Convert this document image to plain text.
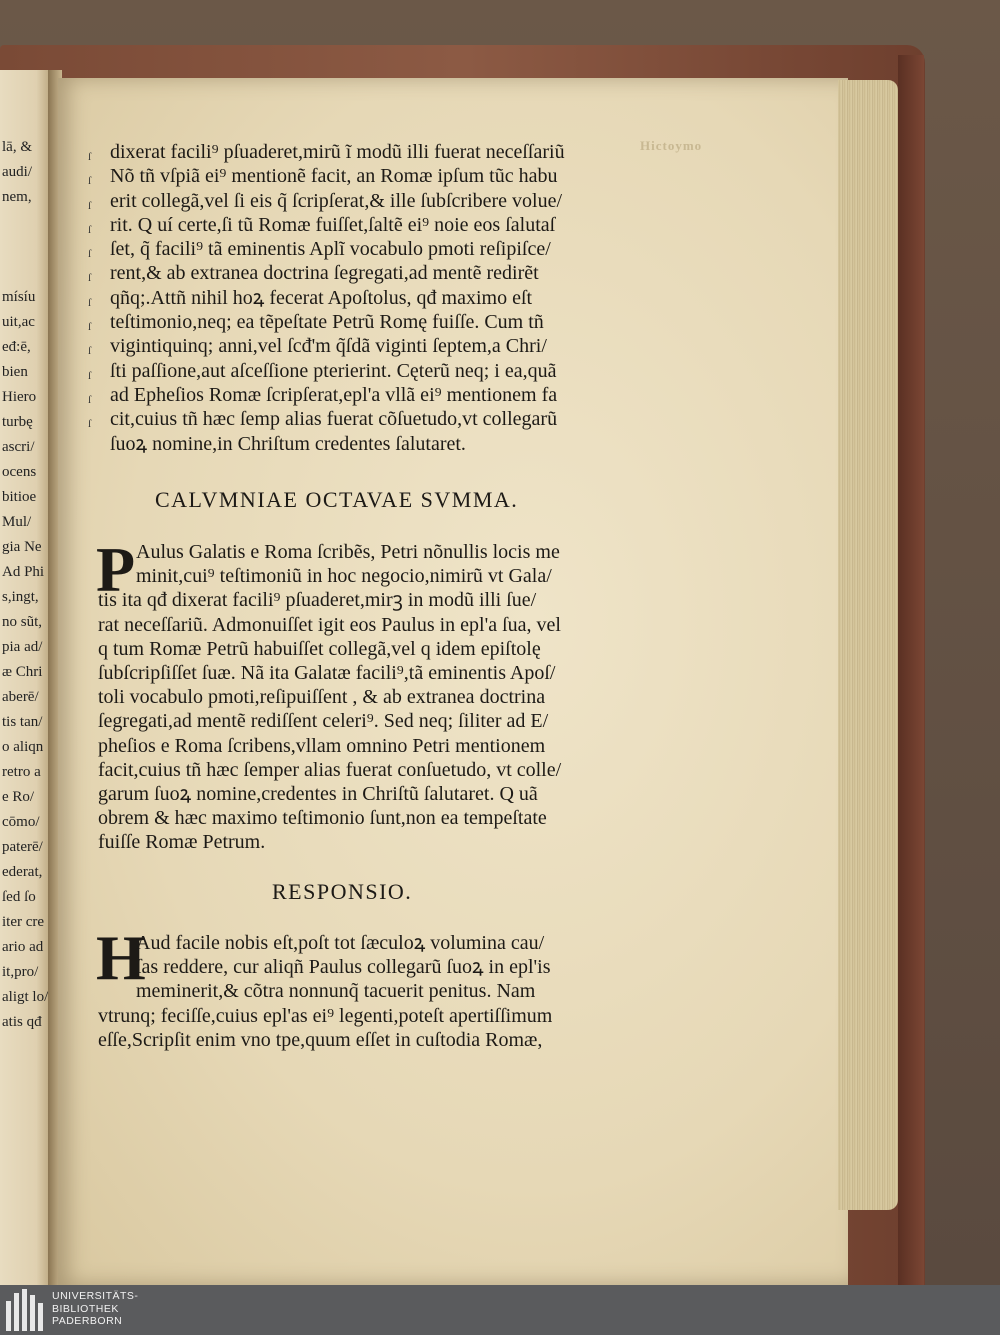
lā, &
audi/
nem,
mísíu
uit,ac
eđ:ē,
bien
Hiero
turbę
ascri/
ocens
bitioe
Mul/
gia Ne
Ad Phi
s,ingt,
no sũt,
pia ad/
æ Chri
aberē/
tis tan/
o aliqn
retro a
e Ro/
cōmo/
paterē/
ederat,
ſed ſo
iter cre
ario ad
it,pro/
aligt lo/
atis qđ
Hictoymo
ſ
ſ
ſ
ſ
ſ
ſ
ſ
ſ
ſ
ſ
ſ
ſ
dixerat facili⁹ pſuaderet,mirũ ĩ modũ illi fuerat neceſſariũ
Nõ tñ vſpiã ei⁹ mentionẽ facit, an Romæ ipſum tũc habu
erit collegã,vel ſi eis q̃ ſcripſerat,& ille ſubſcribere volue/
rit. Q uí certe,ſi tũ Romæ fuiſſet,ſaltẽ ei⁹ noie eos ſalutaſ
ſet, q̃ facili⁹ tã eminentis Aplĩ vocabulo pmoti reſipiſce/
rent,& ab extranea doctrina ſegregati,ad mentẽ redirẽt
qñq;.Attñ nihil hoꝝ fecerat Apoſtolus, qđ maximo eſt
teſtimonio,neq; ea tẽpeſtate Petrũ Romę fuiſſe. Cum tñ
vigintiquinq; anni,vel ſcđ'm q̃ſdã viginti ſeptem,a Chri/
ſti paſſione,aut aſceſſione pterierint. Cęterũ neq; i ea,quã
ad Epheſios Romæ ſcripſerat,epl'a vllã ei⁹ mentionem fa
cit,cuius tñ hæc ſemp alias fuerat cõſuetudo,vt collegarũ
ſuoꝝ nomine,in Chriſtum credentes ſalutaret.
CALVMNIAE OCTAVAE SVMMA.
P Aulus Galatis e Roma ſcribẽs, Petri nõnullis locis me
minit,cui⁹ teſtimoniũ in hoc negocio,nimirũ vt Gala/
tis ita qđ dixerat facili⁹ pſuaderet,mirꝫ in modũ illi ſue/
rat neceſſariũ. Admonuiſſet igit eos Paulus in epl'a ſua, vel
q tum Romæ Petrũ habuiſſet collegã,vel q idem epiſtolę
ſubſcripſiſſet ſuæ. Nã ita Galatæ facili⁹,tã eminentis Apoſ/
toli vocabulo pmoti,reſipuiſſent , & ab extranea doctrina
ſegregati,ad mentẽ rediſſent celeri⁹. Sed neq; ſiliter ad E/
pheſios e Roma ſcribens,vllam omnino Petri mentionem
facit,cuius tñ hæc ſemper alias fuerat conſuetudo, vt colle/
garum ſuoꝝ nomine,credentes in Chriſtũ ſalutaret. Q uã
obrem & hæc maximo teſtimonio ſunt,non ea tempeſtate
fuiſſe Romæ Petrum.
RESPONSIO.
H
Aud facile nobis eſt,poſt tot ſæculoꝝ volumina cau/
ſas reddere, cur aliqñ Paulus collegarũ ſuoꝝ in epl'is
meminerit,& cõtra nonnunq̃ tacuerit penitus. Nam
vtrunq; feciſſe,cuius epl'as ei⁹ legenti,poteſt apertiſſimum
eſſe,Scripſit enim vno tpe,quum eſſet in cuſtodia Romæ,
UNIVERSITÄTS-
BIBLIOTHEK
PADERBORN
